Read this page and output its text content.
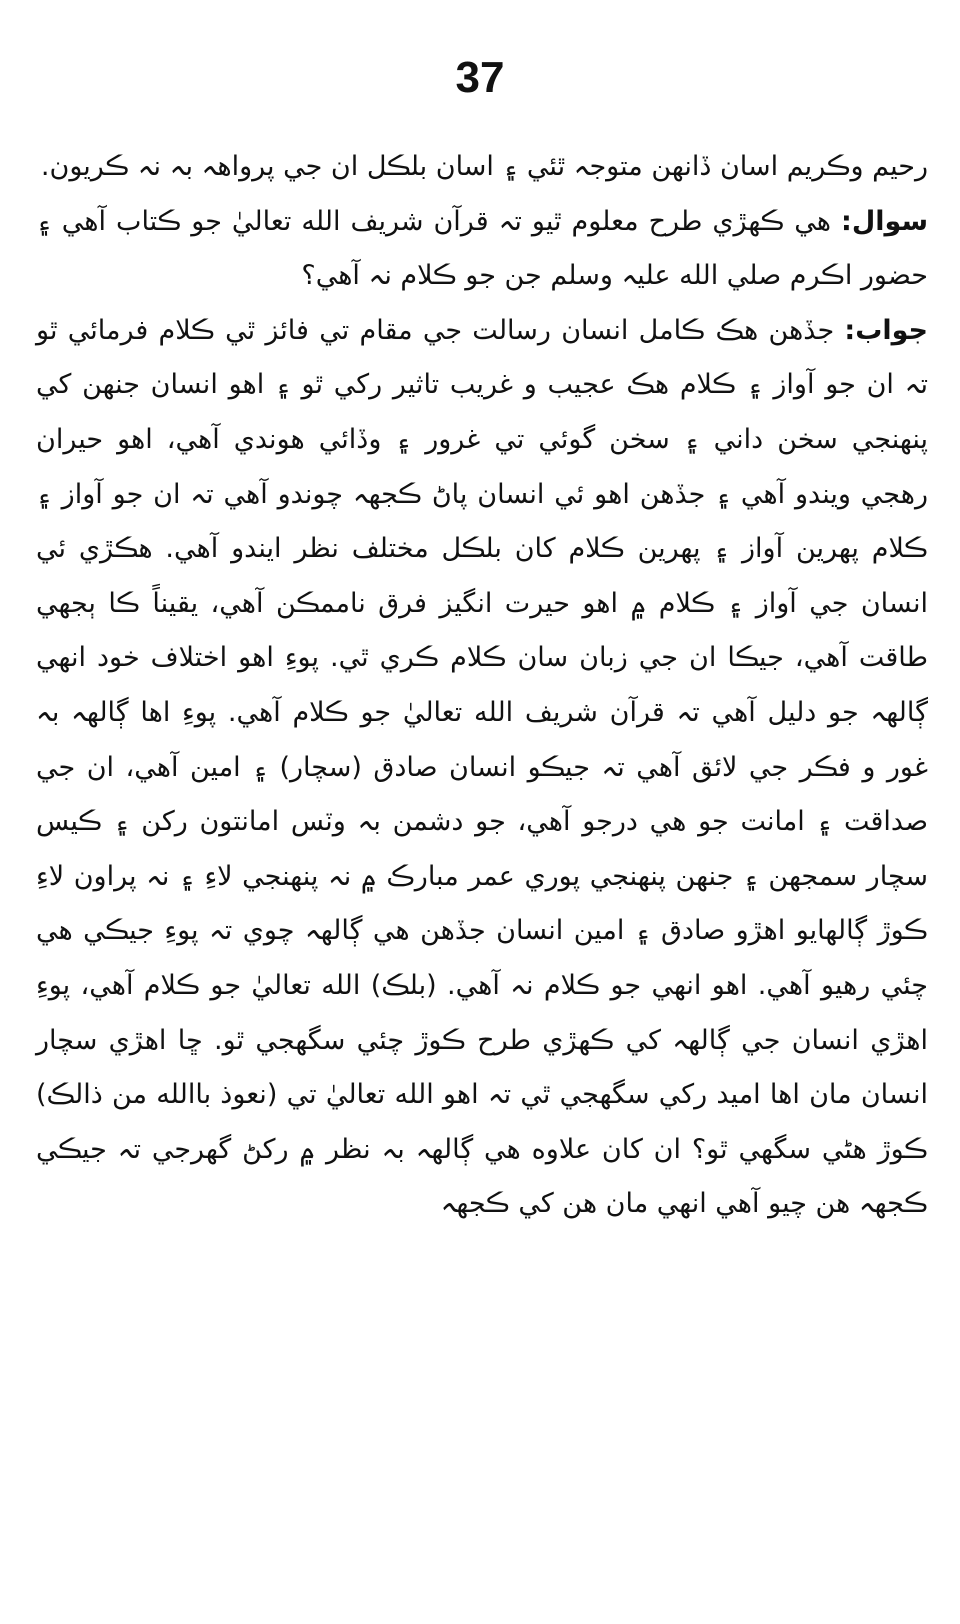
37

رحيم وڪريم اسان ڏانهن متوجہ ٿئي ۽ اسان بلڪل ان جي پرواهہ بہ نہ ڪريون.

سوال: هي ڪهڙي طرح معلوم ٿيو تہ قرآن شريف الله تعاليٰ جو ڪتاب آهي ۽ حضور اڪرم صلي الله عليہ وسلم جن جو ڪلام نہ آهي؟

جواب: جڏهن هڪ ڪامل انسان رسالت جي مقام تي فائز ٿي ڪلام فرمائي ٿو تہ ان جو آواز ۽ ڪلام هڪ عجيب و غريب تاثير رکي ٿو ۽ اهو انسان جنهن کي پنهنجي سخن داني ۽ سخن گوئي تي غرور ۽ وڏائي هوندي آهي، اهو حيران رهجي ويندو آهي ۽ جڏهن اهو ئي انسان پاڻ ڪجهہ چوندو آهي تہ ان جو آواز ۽ ڪلام پهرين آواز ۽ پهرين ڪلام کان بلڪل مختلف نظر ايندو آهي. هڪڙي ئي انسان جي آواز ۽ ڪلام ۾ اهو حيرت انگيز فرق ناممڪن آهي، يقيناً ڪا ٻجهي طاقت آهي، جيڪا ان جي زبان سان ڪلام ڪري ٿي. پوءِ اهو اختلاف خود انهي ڳالهہ جو دليل آهي تہ قرآن شريف الله تعاليٰ جو ڪلام آهي. پوءِ اها ڳالهہ بہ غور و فڪر جي لائق آهي تہ جيڪو انسان صادق (سچار) ۽ امين آهي، ان جي صداقت ۽ امانت جو هي درجو آهي، جو دشمن بہ وٽس امانتون رکن ۽ ڪيس سچار سمجهن ۽ جنهن پنهنجي پوري عمر مبارڪ ۾ نہ پنهنجي لاءِ ۽ نہ پراون لاءِ ڪوڙ ڳالهايو اهڙو صادق ۽ امين انسان جڏهن هي ڳالهہ چوي تہ پوءِ جيڪي هي چئي رهيو آهي. اهو انهي جو ڪلام نہ آهي. (بلڪ) الله تعاليٰ جو ڪلام آهي، پوءِ اهڙي انسان جي ڳالهہ کي ڪهڙي طرح ڪوڙ چئي سگهجي ٿو. ڇا اهڙي سچار انسان مان اها اميد رکي سگهجي ٿي تہ اهو الله تعاليٰ تي (نعوذ باالله من ذالڪ) ڪوڙ هڻي سگهي ٿو؟ ان کان علاوه هي ڳالهہ بہ نظر ۾ رکڻ گهرجي تہ جيڪي ڪجهہ هن چيو آهي انهي مان هن کي ڪجهہ
